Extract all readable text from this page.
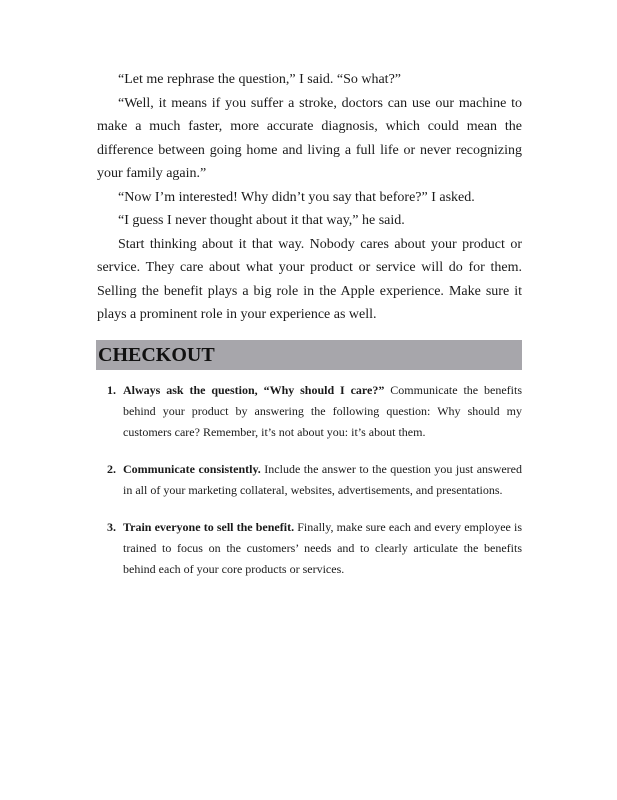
“Let me rephrase the question,” I said. “So what?”

“Well, it means if you suffer a stroke, doctors can use our machine to make a much faster, more accurate diagnosis, which could mean the difference between going home and living a full life or never recognizing your family again.”

“Now I’m interested! Why didn’t you say that before?” I asked.

“I guess I never thought about it that way,” he said.

Start thinking about it that way. Nobody cares about your product or service. They care about what your product or service will do for them. Selling the benefit plays a big role in the Apple experience. Make sure it plays a prominent role in your experience as well.

CHECKOUT
1. Always ask the question, “Why should I care?” Communicate the benefits behind your product by answering the following question: Why should my customers care? Remember, it’s not about you: it’s about them.
2. Communicate consistently. Include the answer to the question you just answered in all of your marketing collateral, websites, advertisements, and presentations.
3. Train everyone to sell the benefit. Finally, make sure each and every employee is trained to focus on the customers’ needs and to clearly articulate the benefits behind each of your core products or services.
